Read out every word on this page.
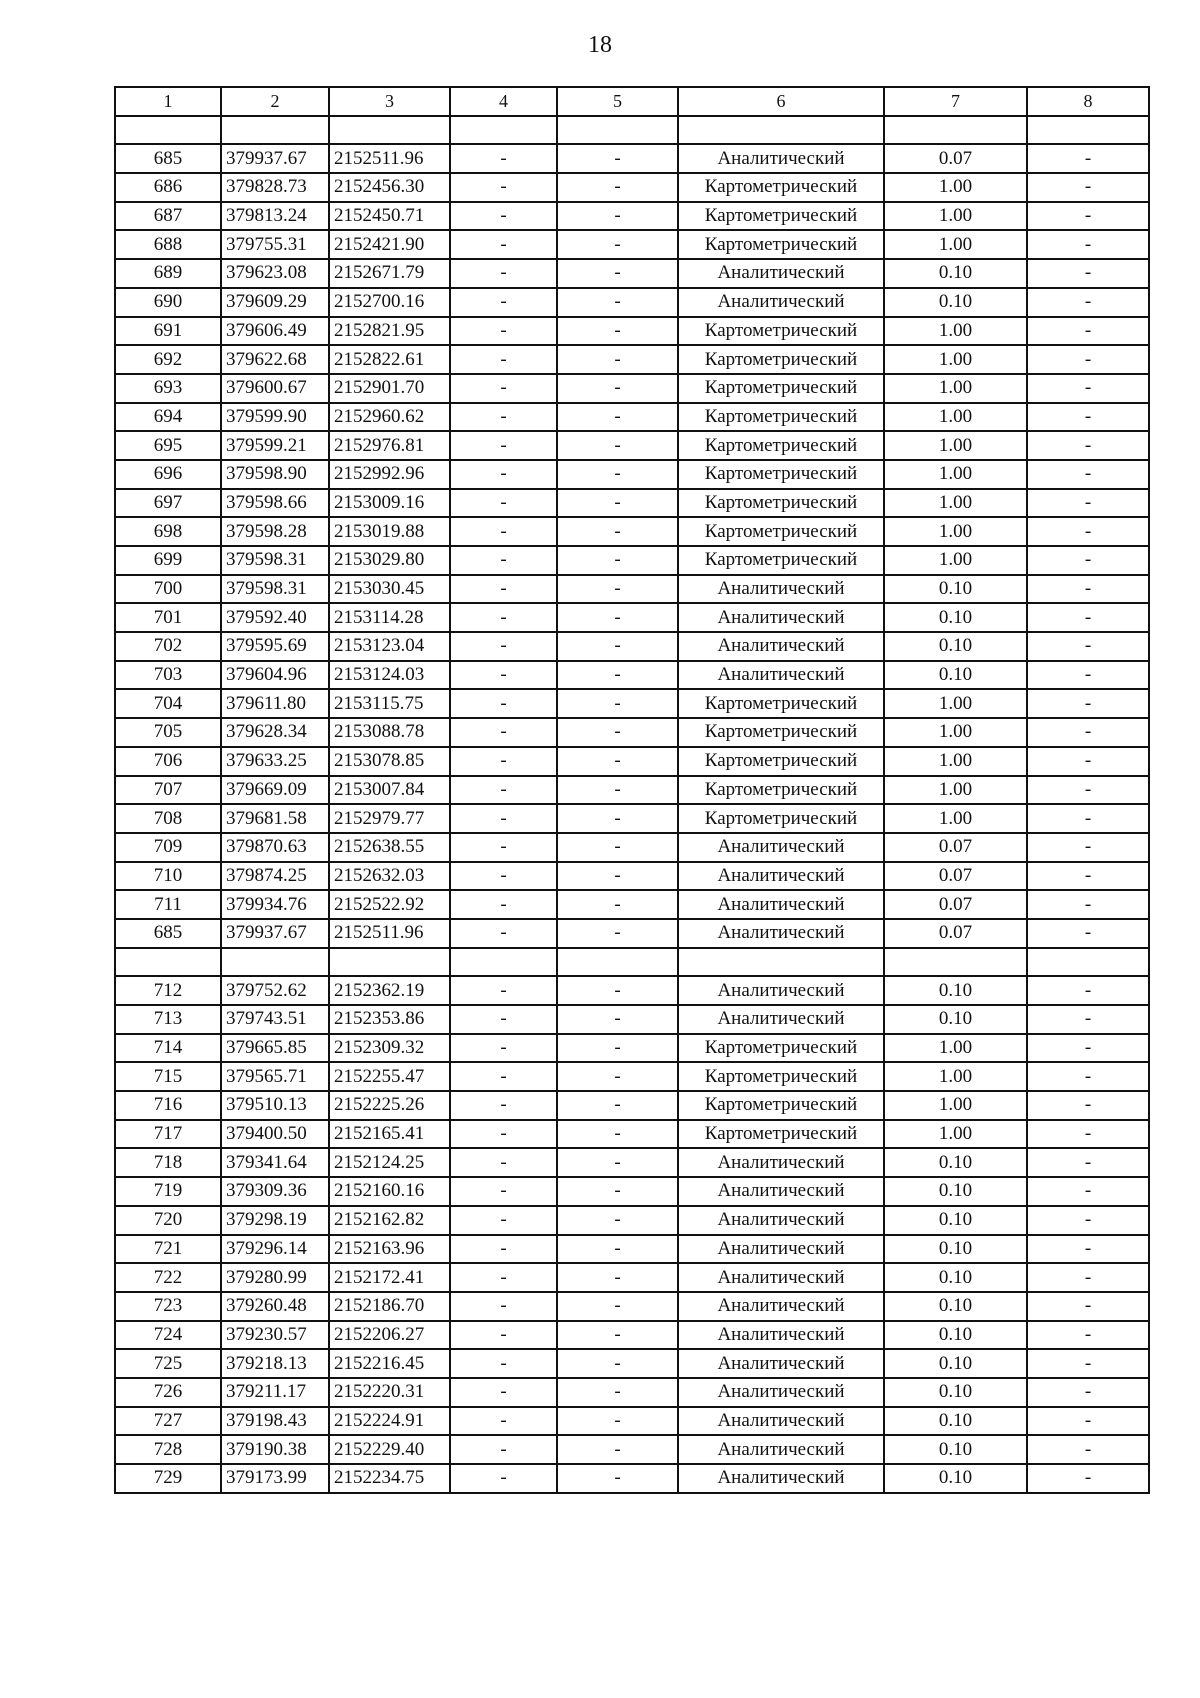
18
1	2	3	4	5	6	7	8

685	379937.67	2152511.96	-	-	Аналитический	0.07	-
686	379828.73	2152456.30	-	-	Картометрический	1.00	-
687	379813.24	2152450.71	-	-	Картометрический	1.00	-
688	379755.31	2152421.90	-	-	Картометрический	1.00	-
689	379623.08	2152671.79	-	-	Аналитический	0.10	-
690	379609.29	2152700.16	-	-	Аналитический	0.10	-
691	379606.49	2152821.95	-	-	Картометрический	1.00	-
692	379622.68	2152822.61	-	-	Картометрический	1.00	-
693	379600.67	2152901.70	-	-	Картометрический	1.00	-
694	379599.90	2152960.62	-	-	Картометрический	1.00	-
695	379599.21	2152976.81	-	-	Картометрический	1.00	-
696	379598.90	2152992.96	-	-	Картометрический	1.00	-
697	379598.66	2153009.16	-	-	Картометрический	1.00	-
698	379598.28	2153019.88	-	-	Картометрический	1.00	-
699	379598.31	2153029.80	-	-	Картометрический	1.00	-
700	379598.31	2153030.45	-	-	Аналитический	0.10	-
701	379592.40	2153114.28	-	-	Аналитический	0.10	-
702	379595.69	2153123.04	-	-	Аналитический	0.10	-
703	379604.96	2153124.03	-	-	Аналитический	0.10	-
704	379611.80	2153115.75	-	-	Картометрический	1.00	-
705	379628.34	2153088.78	-	-	Картометрический	1.00	-
706	379633.25	2153078.85	-	-	Картометрический	1.00	-
707	379669.09	2153007.84	-	-	Картометрический	1.00	-
708	379681.58	2152979.77	-	-	Картометрический	1.00	-
709	379870.63	2152638.55	-	-	Аналитический	0.07	-
710	379874.25	2152632.03	-	-	Аналитический	0.07	-
711	379934.76	2152522.92	-	-	Аналитический	0.07	-
685	379937.67	2152511.96	-	-	Аналитический	0.07	-

712	379752.62	2152362.19	-	-	Аналитический	0.10	-
713	379743.51	2152353.86	-	-	Аналитический	0.10	-
714	379665.85	2152309.32	-	-	Картометрический	1.00	-
715	379565.71	2152255.47	-	-	Картометрический	1.00	-
716	379510.13	2152225.26	-	-	Картометрический	1.00	-
717	379400.50	2152165.41	-	-	Картометрический	1.00	-
718	379341.64	2152124.25	-	-	Аналитический	0.10	-
719	379309.36	2152160.16	-	-	Аналитический	0.10	-
720	379298.19	2152162.82	-	-	Аналитический	0.10	-
721	379296.14	2152163.96	-	-	Аналитический	0.10	-
722	379280.99	2152172.41	-	-	Аналитический	0.10	-
723	379260.48	2152186.70	-	-	Аналитический	0.10	-
724	379230.57	2152206.27	-	-	Аналитический	0.10	-
725	379218.13	2152216.45	-	-	Аналитический	0.10	-
726	379211.17	2152220.31	-	-	Аналитический	0.10	-
727	379198.43	2152224.91	-	-	Аналитический	0.10	-
728	379190.38	2152229.40	-	-	Аналитический	0.10	-
729	379173.99	2152234.75	-	-	Аналитический	0.10	-
